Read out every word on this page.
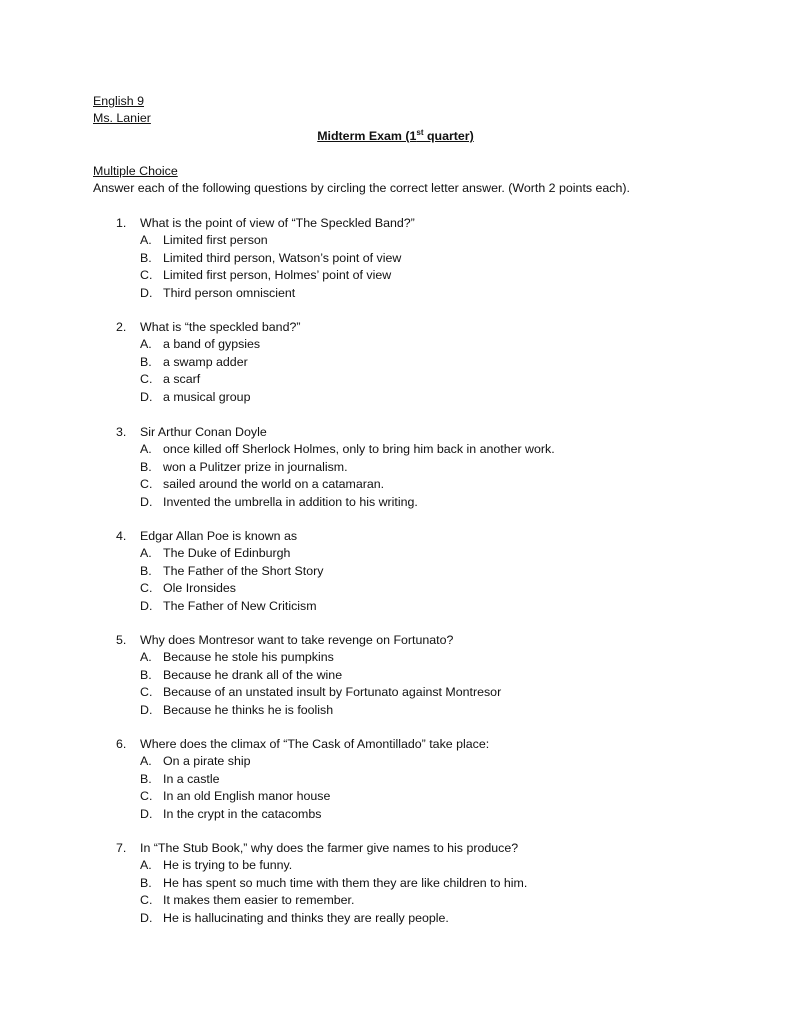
English 9
Ms. Lanier
Midterm Exam (1st quarter)
Multiple Choice
Answer each of the following questions by circling the correct letter answer. (Worth 2 points each).
1.	What is the point of view of “The Speckled Band?”
A. Limited first person
B. Limited third person, Watson’s point of view
C. Limited first person, Holmes’ point of view
D. Third person omniscient
2.	What is “the speckled band?”
A. a band of gypsies
B. a swamp adder
C. a scarf
D. a musical group
3.	Sir Arthur Conan Doyle
A. once killed off Sherlock Holmes, only to bring him back in another work.
B. won a Pulitzer prize in journalism.
C. sailed around the world on a catamaran.
D. Invented the umbrella in addition to his writing.
4.	Edgar Allan Poe is known as
A. The Duke of Edinburgh
B. The Father of the Short Story
C. Ole Ironsides
D. The Father of New Criticism
5.	Why does Montresor want to take revenge on Fortunato?
A. Because he stole his pumpkins
B. Because he drank all of the wine
C. Because of an unstated insult by Fortunato against Montresor
D. Because he thinks he is foolish
6.	Where does the climax of “The Cask of Amontillado” take place:
A. On a pirate ship
B. In a castle
C. In an old English manor house
D. In the crypt in the catacombs
7.	In “The Stub Book,” why does the farmer give names to his produce?
A. He is trying to be funny.
B. He has spent so much time with them they are like children to him.
C. It makes them easier to remember.
D. He is hallucinating and thinks they are really people.
